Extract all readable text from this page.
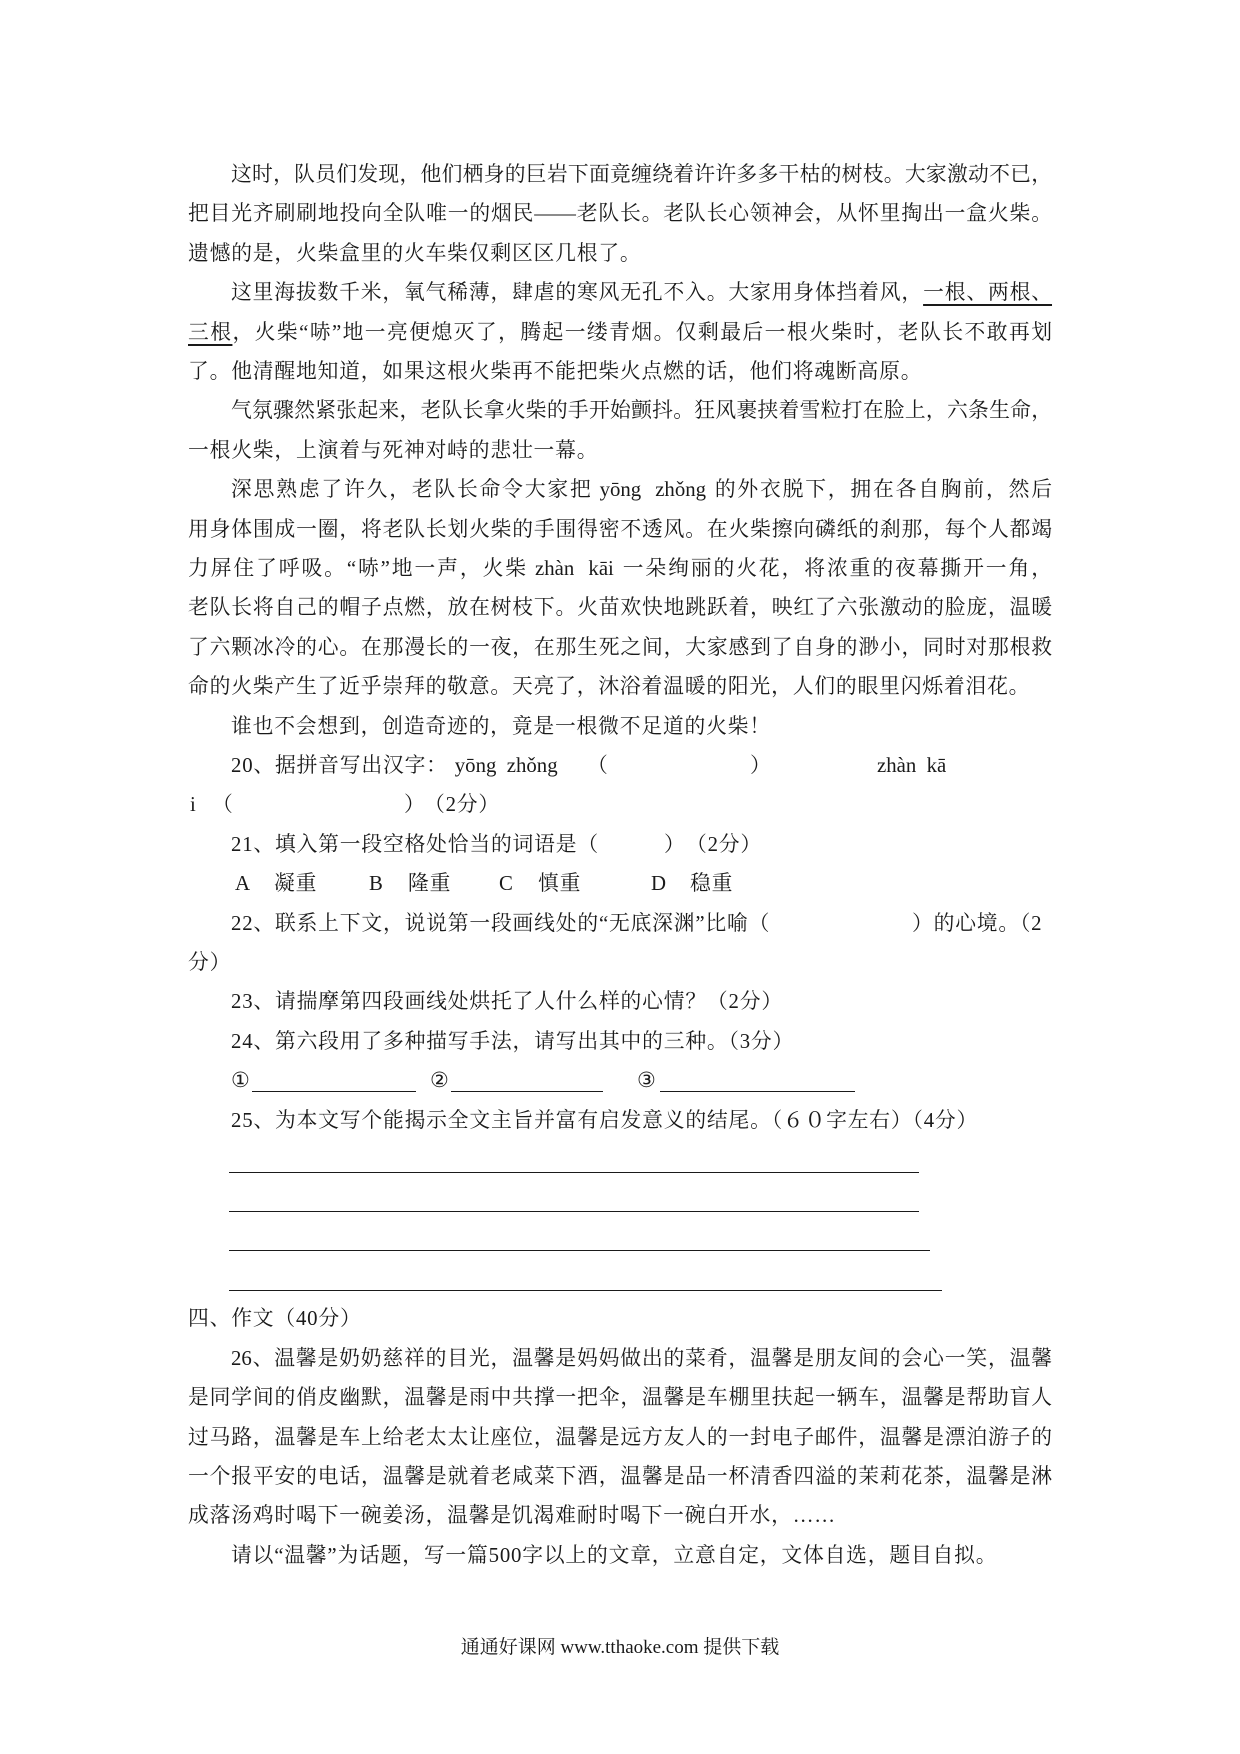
这时，队员们发现，他们栖身的巨岩下面竟缠绕着许许多多干枯的树枝。大家激动不已，
把目光齐刷刷地投向全队唯一的烟民——老队长。老队长心领神会，从怀里掏出一盒火柴。
遗憾的是，火柴盒里的火车柴仅剩区区几根了。
这里海拔数千米，氧气稀薄，肆虐的寒风无孔不入。大家用身体挡着风，一根、两根、
三根，火柴“哧”地一亮便熄灭了，腾起一缕青烟。仅剩最后一根火柴时，老队长不敢再划
了。他清醒地知道，如果这根火柴再不能把柴火点燃的话，他们将魂断高原。
气氛骤然紧张起来，老队长拿火柴的手开始颤抖。狂风裹挟着雪粒打在脸上，六条生命，
一根火柴，上演着与死神对峙的悲壮一幕。
深思熟虑了许久，老队长命令大家把 yōng  zhǒng 的外衣脱下，拥在各自胸前，然后
用身体围成一圈，将老队长划火柴的手围得密不透风。在火柴擦向磷纸的刹那，每个人都竭
力屏住了呼吸。“哧”地一声，火柴 zhàn  kāi 一朵绚丽的火花，将浓重的夜幕撕开一角，
老队长将自己的帽子点燃，放在树枝下。火苗欢快地跳跃着，映红了六张激动的脸庞，温暖
了六颗冰冷的心。在那漫长的一夜，在那生死之间，大家感到了自身的渺小，同时对那根救
命的火柴产生了近乎崇拜的敬意。天亮了，沐浴着温暖的阳光，人们的眼里闪烁着泪花。
谁也不会想到，创造奇迹的，竟是一根微不足道的火柴！
20、据拼音写出汉字： yōng  zhǒng	（	）	zhàn  kā
i （	）
（2分）
21、填入第一段空格处恰当的词语是（	） （2分）
A 凝重 B 隆重 C 慎重	D 稳重
22、联系上下文，说说第一段画线处的“无底深渊”比喻（	）的心境。（2
分）
23、请揣摩第四段画线处烘托了人什么样的心情？（2分）
24、第六段用了多种描写手法，请写出其中的三种。（3分）
①	②	③
25、为本文写个能揭示全文主旨并富有启发意义的结尾。（６０字左右）（4分）
四、作文（40分）
26、温馨是奶奶慈祥的目光，温馨是妈妈做出的菜肴，温馨是朋友间的会心一笑，温馨
是同学间的俏皮幽默，温馨是雨中共撑一把伞，温馨是车棚里扶起一辆车，温馨是帮助盲人
过马路，温馨是车上给老太太让座位，温馨是远方友人的一封电子邮件，温馨是漂泊游子的
一个报平安的电话，温馨是就着老咸菜下酒，温馨是品一杯清香四溢的茉莉花茶，温馨是淋
成落汤鸡时喝下一碗姜汤，温馨是饥渴难耐时喝下一碗白开水，……
请以“温馨”为话题，写一篇500字以上的文章，立意自定，文体自选，题目自拟。
通通好课网 www.tthaoke.com 提供下载
